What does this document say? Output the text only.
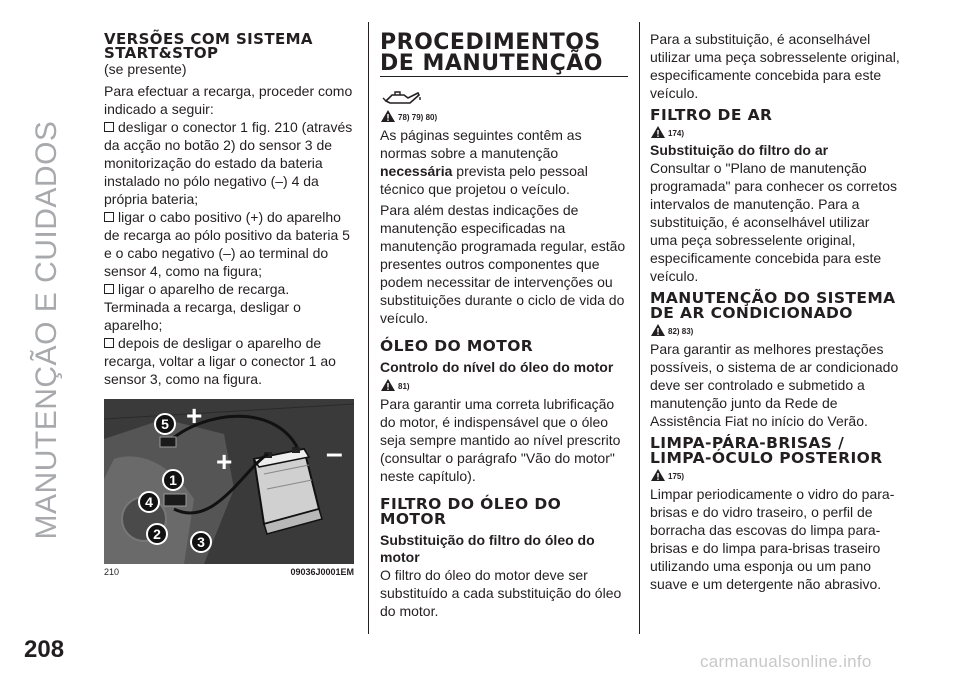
MANUTENÇÃO E CUIDADOS
208	carmanualsonline.info
VERSÕES COM SISTEMA START&STOP

(se presente)

Para efectuar a recarga, proceder como indicado a seguir:

desligar o conector 1 fig. 210 (através da acção no botão 2) do sensor 3 de monitorização do estado da bateria instalado no pólo negativo (–) 4 da própria bateria;
ligar o cabo positivo (+) do aparelho de recarga ao pólo positivo da bateria 5 e o cabo negativo (–) ao terminal do sensor 4, como na figura;
ligar o aparelho de recarga. Terminada a recarga, desligar o aparelho;
depois de desligar o aparelho de recarga, voltar a ligar o conector 1 ao sensor 3, como na figura.
5
1
4
2	3
+
+	–
210	09036J0001EM
PROCEDIMENTOS DE MANUTENÇÃO
78) 79) 80)

As páginas seguintes contêm as normas sobre a manutenção necessária prevista pelo pessoal técnico que projetou o veículo.

Para além destas indicações de manutenção especificadas na manutenção programada regular, estão presentes outros componentes que podem necessitar de intervenções ou substituições durante o ciclo de vida do veículo.

ÓLEO DO MOTOR
Controlo do nível do óleo do motor
81)

Para garantir uma correta lubrificação do motor, é indispensável que o óleo seja sempre mantido ao nível prescrito (consultar o parágrafo "Vão do motor" neste capítulo).

FILTRO DO ÓLEO DO MOTOR
Substituição do filtro do óleo do motor

O filtro do óleo do motor deve ser substituído a cada substituição do óleo do motor.

Para a substituição, é aconselhável utilizar uma peça sobresselente original, especificamente concebida para este veículo.

FILTRO DE AR
174)
Substituição do filtro do ar

Consultar o "Plano de manutenção programada" para conhecer os corretos intervalos de manutenção. Para a substituição, é aconselhável utilizar uma peça sobresselente original, especificamente concebida para este veículo.

MANUTENÇÃO DO SISTEMA DE AR CONDICIONADO
82) 83)

Para garantir as melhores prestações possíveis, o sistema de ar condicionado deve ser controlado e submetido a manutenção junto da Rede de Assistência Fiat no início do Verão.

LIMPA-PÁRA-BRISAS / LIMPA-ÓCULO POSTERIOR
175)

Limpar periodicamente o vidro do para-brisas e do vidro traseiro, o perfil de borracha das escovas do limpa para-brisas e do limpa para-brisas traseiro utilizando uma esponja ou um pano suave e um detergente não abrasivo.
